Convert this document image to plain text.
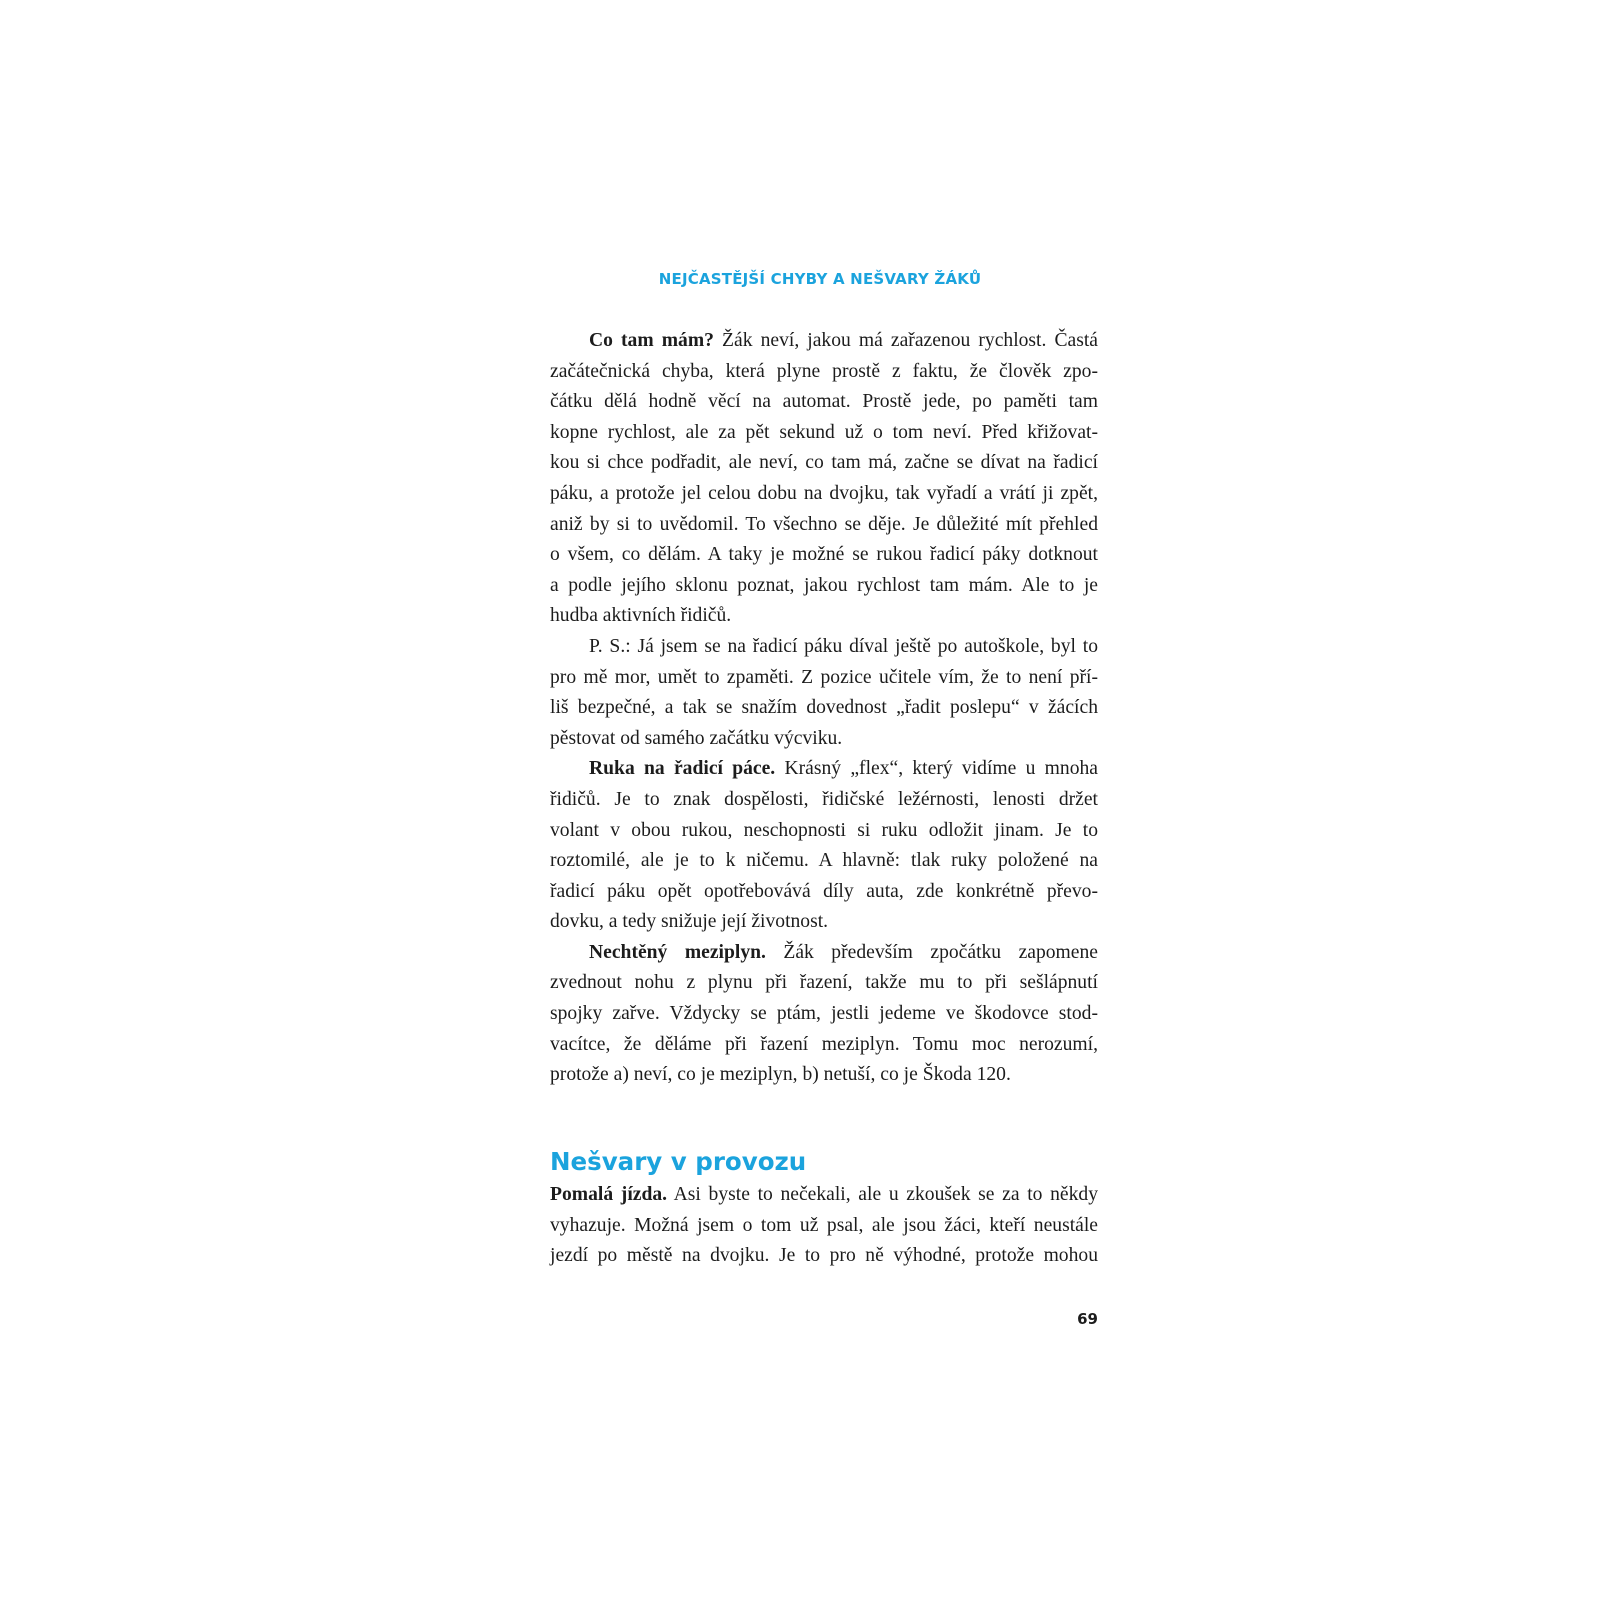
NEJČASTĚJŠÍ CHYBY A NEŠVARY ŽÁKŮ
Co tam mám? Žák neví, jakou má zařazenou rychlost. Častá
začátečnická chyba, která plyne prostě z faktu, že člověk zpo-
čátku dělá hodně věcí na automat. Prostě jede, po paměti tam
kopne rychlost, ale za pět sekund už o tom neví. Před křižovat-
kou si chce podřadit, ale neví, co tam má, začne se dívat na řadicí
páku, a protože jel celou dobu na dvojku, tak vyřadí a vrátí ji zpět,
aniž by si to uvědomil. To všechno se děje. Je důležité mít přehled
o všem, co dělám. A taky je možné se rukou řadicí páky dotknout
a podle jejího sklonu poznat, jakou rychlost tam mám. Ale to je
hudba aktivních řidičů.
P. S.: Já jsem se na řadicí páku díval ještě po autoškole, byl to
pro mě mor, umět to zpaměti. Z pozice učitele vím, že to není pří-
liš bezpečné, a tak se snažím dovednost „řadit poslepu“ v žácích
pěstovat od samého začátku výcviku.
Ruka na řadicí páce. Krásný „flex“, který vidíme u mnoha
řidičů. Je to znak dospělosti, řidičské ležérnosti, lenosti držet
volant v obou rukou, neschopnosti si ruku odložit jinam. Je to
roztomilé, ale je to k ničemu. A hlavně: tlak ruky položené na
řadicí páku opět opotřebovává díly auta, zde konkrétně převo-
dovku, a tedy snižuje její životnost.
Nechtěný meziplyn. Žák především zpočátku zapomene
zvednout nohu z plynu při řazení, takže mu to při sešlápnutí
spojky zařve. Vždycky se ptám, jestli jedeme ve škodovce stod-
vacítce, že děláme při řazení meziplyn. Tomu moc nerozumí,
protože a) neví, co je meziplyn, b) netuší, co je Škoda 120.
Nešvary v provozu
Pomalá jízda. Asi byste to nečekali, ale u zkoušek se za to někdy
vyhazuje. Možná jsem o tom už psal, ale jsou žáci, kteří neustále
jezdí po městě na dvojku. Je to pro ně výhodné, protože mohou
69
